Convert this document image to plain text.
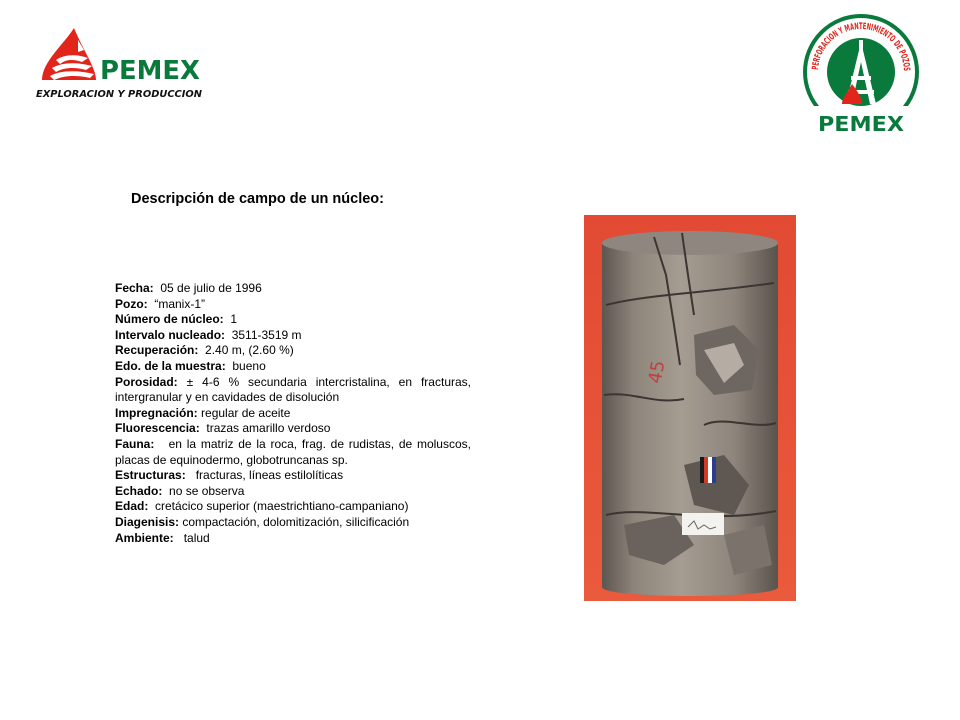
PEMEX
EXPLORACION Y PRODUCCION
PERFORACION Y MANTENIMIENTO DE POZOS
PEMEX
Descripción de campo de un núcleo:
Fecha: 05 de julio de 1996
Pozo: “manix-1”
Número de núcleo: 1
Intervalo nucleado: 3511-3519 m
Recuperación: 2.40 m, (2.60 %)
Edo. de la muestra: bueno
Porosidad: ± 4-6 % secundaria intercristalina, en fracturas, intergranular y en cavidades de disolución
Impregnación: regular de aceite
Fluorescencia: trazas amarillo verdoso
Fauna: en la matriz de la roca, frag. de rudistas, de moluscos, placas de equinodermo, globotruncanas sp.
Estructuras: fracturas, líneas estilolíticas
Echado: no se observa
Edad: cretácico superior (maestrichtiano-campaniano)
Diagenisis: compactación, dolomitización, silicificación
Ambiente: talud
45
